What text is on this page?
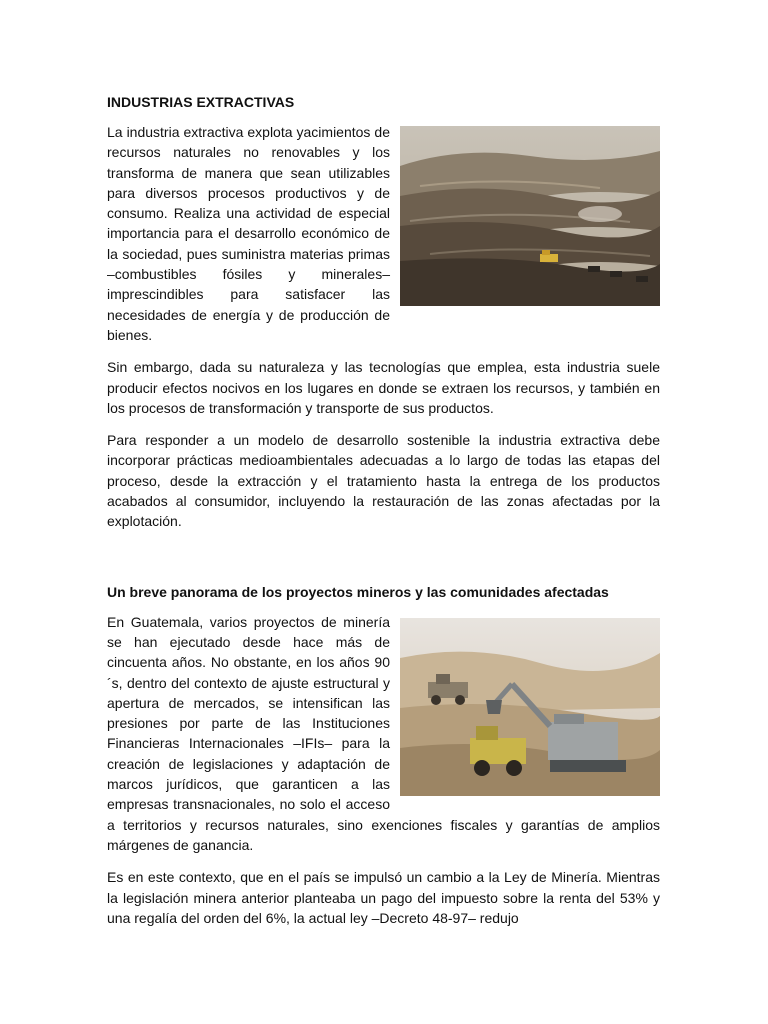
INDUSTRIAS EXTRACTIVAS

La industria extractiva explota yacimientos de recursos naturales no renovables y los transforma de manera que sean utilizables para diversos procesos productivos y de consumo. Realiza una actividad de especial importancia para el desarrollo económico de la sociedad, pues suministra materias primas –combustibles fósiles y minerales– imprescindibles para satisfacer las necesidades de energía y de producción de bienes.

Sin embargo, dada su naturaleza y las tecnologías que emplea, esta industria suele producir efectos nocivos en los lugares en donde se extraen los recursos, y también en los procesos de transformación y transporte de sus productos.

Para responder a un modelo de desarrollo sostenible la industria extractiva debe incorporar prácticas medioambientales adecuadas a lo largo de todas las etapas del proceso, desde la extracción y el tratamiento hasta la entrega de los productos acabados al consumidor, incluyendo la restauración de las zonas afectadas por la explotación.

Un breve panorama de los proyectos mineros y las comunidades afectadas

En Guatemala, varios proyectos de minería se han ejecutado desde hace más de cincuenta años. No obstante, en los años 90´s, dentro del contexto de ajuste estructural y apertura de mercados, se intensifican las presiones por parte de las Instituciones Financieras Internacionales –IFIs– para la creación de legislaciones y adaptación de marcos jurídicos, que garanticen a las empresas transnacionales, no solo el acceso a territorios y recursos naturales, sino exenciones fiscales y garantías de amplios márgenes de ganancia.

Es en este contexto, que en el país se impulsó un cambio a la Ley de Minería. Mientras la legislación minera anterior planteaba un pago del impuesto sobre la renta del 53% y una regalía del orden del 6%, la actual ley –Decreto 48-97– redujo
